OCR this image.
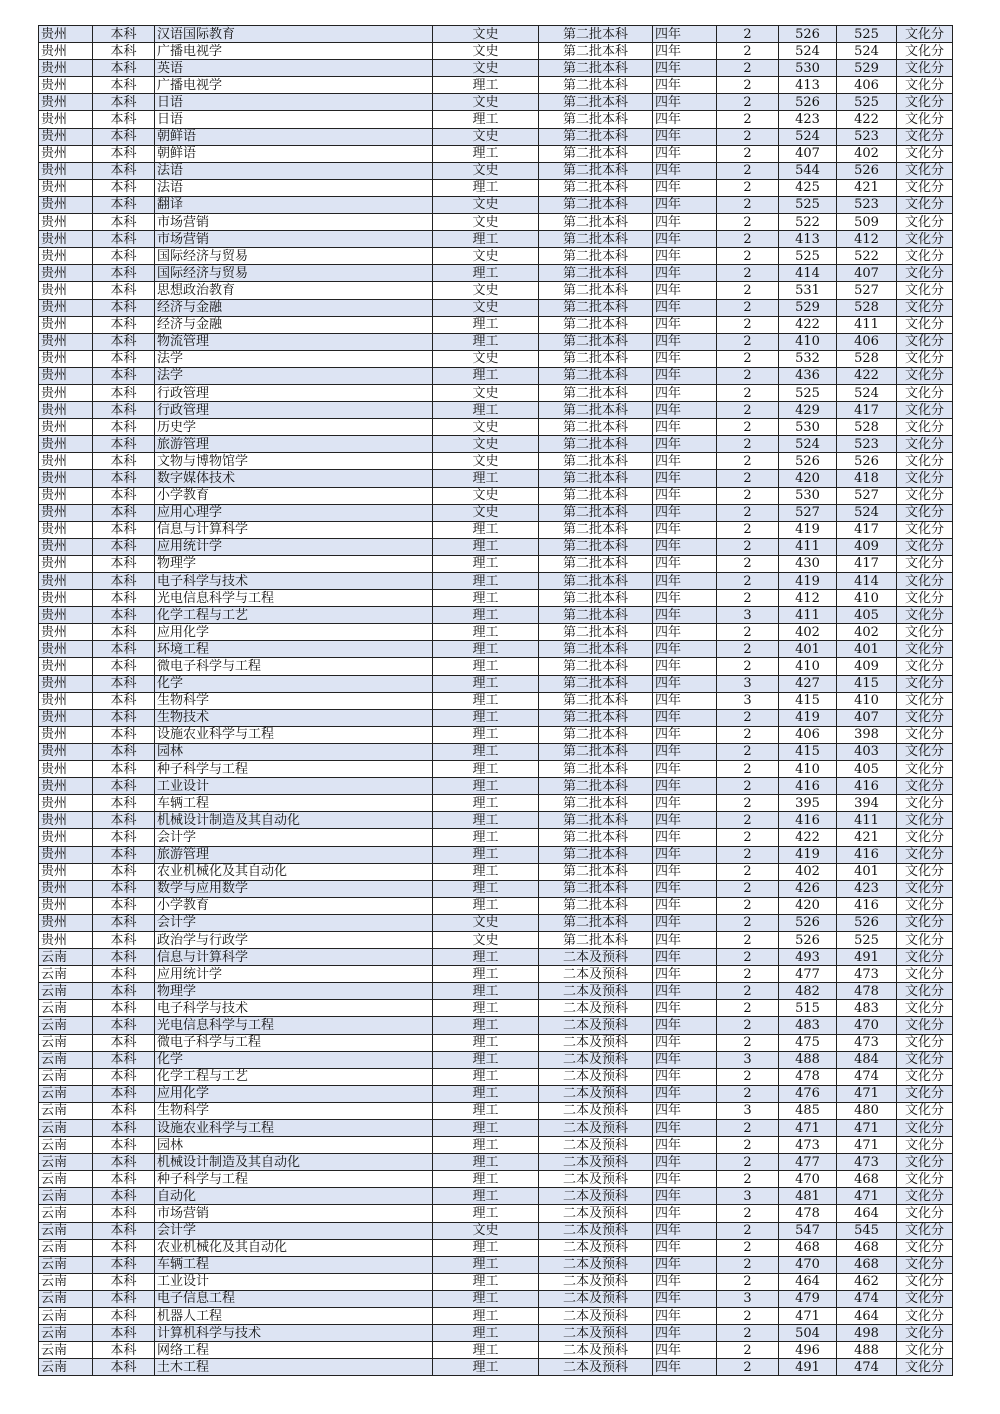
贵州	本科	汉语国际教育	文史	第二批本科	四年	2	526	525	文化分
贵州	本科	广播电视学	文史	第二批本科	四年	2	524	524	文化分
贵州	本科	英语	文史	第二批本科	四年	2	530	529	文化分
贵州	本科	广播电视学	理工	第二批本科	四年	2	413	406	文化分
贵州	本科	日语	文史	第二批本科	四年	2	526	525	文化分
贵州	本科	日语	理工	第二批本科	四年	2	423	422	文化分
贵州	本科	朝鲜语	文史	第二批本科	四年	2	524	523	文化分
贵州	本科	朝鲜语	理工	第二批本科	四年	2	407	402	文化分
贵州	本科	法语	文史	第二批本科	四年	2	544	526	文化分
贵州	本科	法语	理工	第二批本科	四年	2	425	421	文化分
贵州	本科	翻译	文史	第二批本科	四年	2	525	523	文化分
贵州	本科	市场营销	文史	第二批本科	四年	2	522	509	文化分
贵州	本科	市场营销	理工	第二批本科	四年	2	413	412	文化分
贵州	本科	国际经济与贸易	文史	第二批本科	四年	2	525	522	文化分
贵州	本科	国际经济与贸易	理工	第二批本科	四年	2	414	407	文化分
贵州	本科	思想政治教育	文史	第二批本科	四年	2	531	527	文化分
贵州	本科	经济与金融	文史	第二批本科	四年	2	529	528	文化分
贵州	本科	经济与金融	理工	第二批本科	四年	2	422	411	文化分
贵州	本科	物流管理	理工	第二批本科	四年	2	410	406	文化分
贵州	本科	法学	文史	第二批本科	四年	2	532	528	文化分
贵州	本科	法学	理工	第二批本科	四年	2	436	422	文化分
贵州	本科	行政管理	文史	第二批本科	四年	2	525	524	文化分
贵州	本科	行政管理	理工	第二批本科	四年	2	429	417	文化分
贵州	本科	历史学	文史	第二批本科	四年	2	530	528	文化分
贵州	本科	旅游管理	文史	第二批本科	四年	2	524	523	文化分
贵州	本科	文物与博物馆学	文史	第二批本科	四年	2	526	526	文化分
贵州	本科	数字媒体技术	理工	第二批本科	四年	2	420	418	文化分
贵州	本科	小学教育	文史	第二批本科	四年	2	530	527	文化分
贵州	本科	应用心理学	文史	第二批本科	四年	2	527	524	文化分
贵州	本科	信息与计算科学	理工	第二批本科	四年	2	419	417	文化分
贵州	本科	应用统计学	理工	第二批本科	四年	2	411	409	文化分
贵州	本科	物理学	理工	第二批本科	四年	2	430	417	文化分
贵州	本科	电子科学与技术	理工	第二批本科	四年	2	419	414	文化分
贵州	本科	光电信息科学与工程	理工	第二批本科	四年	2	412	410	文化分
贵州	本科	化学工程与工艺	理工	第二批本科	四年	3	411	405	文化分
贵州	本科	应用化学	理工	第二批本科	四年	2	402	402	文化分
贵州	本科	环境工程	理工	第二批本科	四年	2	401	401	文化分
贵州	本科	微电子科学与工程	理工	第二批本科	四年	2	410	409	文化分
贵州	本科	化学	理工	第二批本科	四年	3	427	415	文化分
贵州	本科	生物科学	理工	第二批本科	四年	3	415	410	文化分
贵州	本科	生物技术	理工	第二批本科	四年	2	419	407	文化分
贵州	本科	设施农业科学与工程	理工	第二批本科	四年	2	406	398	文化分
贵州	本科	园林	理工	第二批本科	四年	2	415	403	文化分
贵州	本科	种子科学与工程	理工	第二批本科	四年	2	410	405	文化分
贵州	本科	工业设计	理工	第二批本科	四年	2	416	416	文化分
贵州	本科	车辆工程	理工	第二批本科	四年	2	395	394	文化分
贵州	本科	机械设计制造及其自动化	理工	第二批本科	四年	2	416	411	文化分
贵州	本科	会计学	理工	第二批本科	四年	2	422	421	文化分
贵州	本科	旅游管理	理工	第二批本科	四年	2	419	416	文化分
贵州	本科	农业机械化及其自动化	理工	第二批本科	四年	2	402	401	文化分
贵州	本科	数学与应用数学	理工	第二批本科	四年	2	426	423	文化分
贵州	本科	小学教育	理工	第二批本科	四年	2	420	416	文化分
贵州	本科	会计学	文史	第二批本科	四年	2	526	526	文化分
贵州	本科	政治学与行政学	文史	第二批本科	四年	2	526	525	文化分
云南	本科	信息与计算科学	理工	二本及预科	四年	2	493	491	文化分
云南	本科	应用统计学	理工	二本及预科	四年	2	477	473	文化分
云南	本科	物理学	理工	二本及预科	四年	2	482	478	文化分
云南	本科	电子科学与技术	理工	二本及预科	四年	2	515	483	文化分
云南	本科	光电信息科学与工程	理工	二本及预科	四年	2	483	470	文化分
云南	本科	微电子科学与工程	理工	二本及预科	四年	2	475	473	文化分
云南	本科	化学	理工	二本及预科	四年	3	488	484	文化分
云南	本科	化学工程与工艺	理工	二本及预科	四年	2	478	474	文化分
云南	本科	应用化学	理工	二本及预科	四年	2	476	471	文化分
云南	本科	生物科学	理工	二本及预科	四年	3	485	480	文化分
云南	本科	设施农业科学与工程	理工	二本及预科	四年	2	471	471	文化分
云南	本科	园林	理工	二本及预科	四年	2	473	471	文化分
云南	本科	机械设计制造及其自动化	理工	二本及预科	四年	2	477	473	文化分
云南	本科	种子科学与工程	理工	二本及预科	四年	2	470	468	文化分
云南	本科	自动化	理工	二本及预科	四年	3	481	471	文化分
云南	本科	市场营销	理工	二本及预科	四年	2	478	464	文化分
云南	本科	会计学	文史	二本及预科	四年	2	547	545	文化分
云南	本科	农业机械化及其自动化	理工	二本及预科	四年	2	468	468	文化分
云南	本科	车辆工程	理工	二本及预科	四年	2	470	468	文化分
云南	本科	工业设计	理工	二本及预科	四年	2	464	462	文化分
云南	本科	电子信息工程	理工	二本及预科	四年	3	479	474	文化分
云南	本科	机器人工程	理工	二本及预科	四年	2	471	464	文化分
云南	本科	计算机科学与技术	理工	二本及预科	四年	2	504	498	文化分
云南	本科	网络工程	理工	二本及预科	四年	2	496	488	文化分
云南	本科	土木工程	理工	二本及预科	四年	2	491	474	文化分
